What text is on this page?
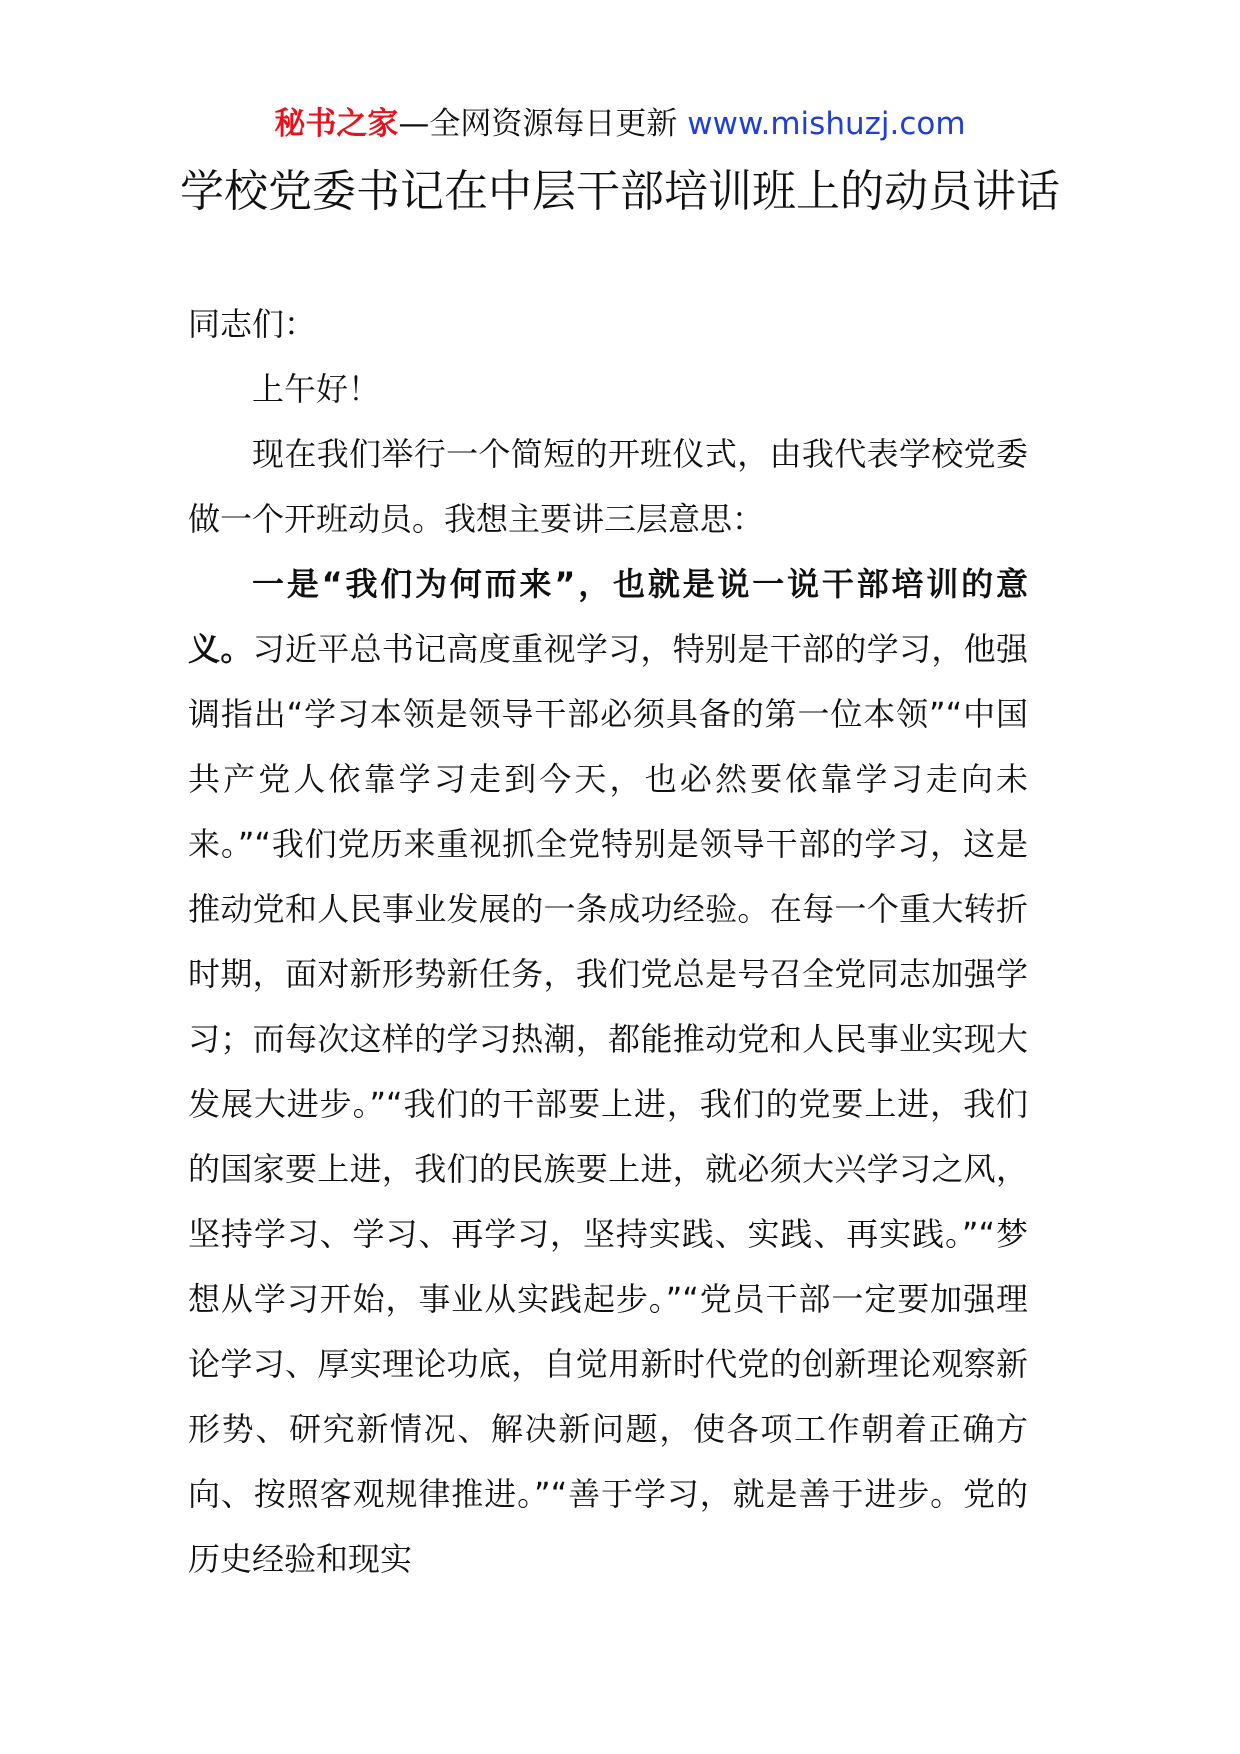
秘书之家—全网资源每日更新 www.mishuzj.com
学校党委书记在中层干部培训班上的动员讲话

同志们：

上午好！

现在我们举行一个简短的开班仪式，由我代表学校党委做一个开班动员。我想主要讲三层意思：

一是“我们为何而来”，也就是说一说干部培训的意义。习近平总书记高度重视学习，特别是干部的学习，他强调指出“学习本领是领导干部必须具备的第一位本领”“中国共产党人依靠学习走到今天，也必然要依靠学习走向未来。”“我们党历来重视抓全党特别是领导干部的学习，这是推动党和人民事业发展的一条成功经验。在每一个重大转折时期，面对新形势新任务，我们党总是号召全党同志加强学习；而每次这样的学习热潮，都能推动党和人民事业实现大发展大进步。”“我们的干部要上进，我们的党要上进，我们的国家要上进，我们的民族要上进，就必须大兴学习之风，坚持学习、学习、再学习，坚持实践、实践、再实践。”“梦想从学习开始，事业从实践起步。”“党员干部一定要加强理论学习、厚实理论功底，自觉用新时代党的创新理论观察新形势、研究新情况、解决新问题，使各项工作朝着正确方向、按照客观规律推进。”“善于学习，就是善于进步。党的历史经验和现实
